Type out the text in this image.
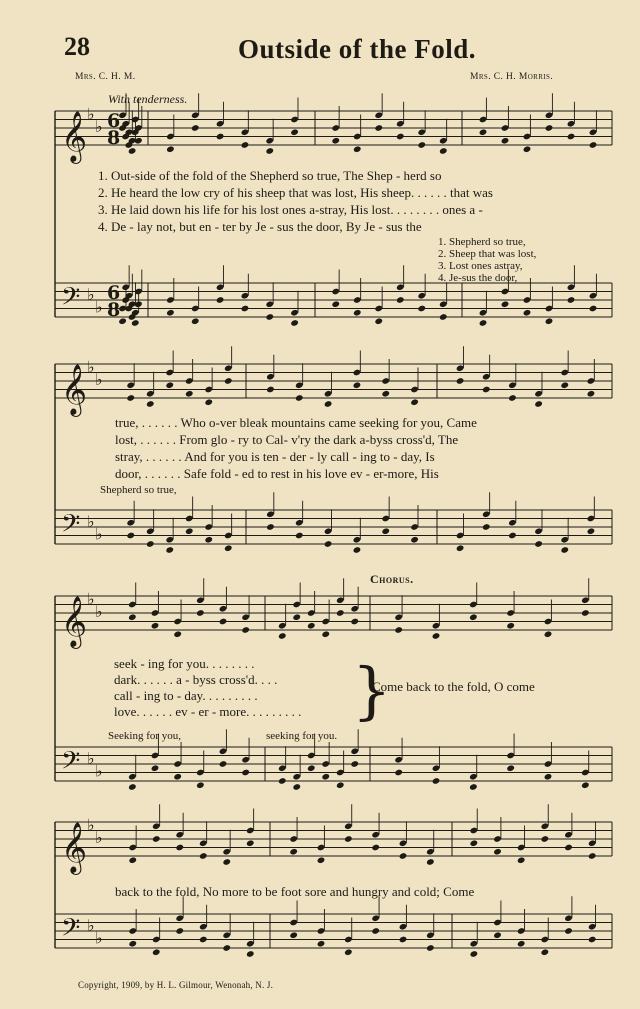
28	Outside of the Fold.
Mrs. C. H. M.	Mrs. C. H. Morris.
With tenderness.
𝄞 ♭
♭
𝄢 ♭
♭
𝄞 ♭
♭
𝄢 ♭
♭
𝄞 ♭
♭
𝄢 ♭
♭
𝄞 ♭
♭
𝄢 ♭
♭
6
8
6
8
}
1. Out-side of the fold of the Shepherd so true, The Shep - herd so
2. He heard the low cry of his sheep that was lost, His sheep. . . . . . that was
3. He laid down his life for his lost ones a-stray, His lost. . . . . . . . ones a -
4. De - lay not, but en - ter by Je - sus the door, By Je - sus the
1. Shepherd so true,
2. Sheep that was lost,
3. Lost ones astray,
4. Je-sus the door,
true, . . . . . . Who o-ver bleak mountains came seeking for you, Came
lost, . . . . . . From glo - ry to Cal- v'ry the dark a-byss cross'd, The
stray, . . . . . . And for you is ten - der - ly call - ing to - day, Is
door, . . . . . . Safe fold - ed to rest in his love ev - er-more, His
Shepherd so true,
Chorus.
seek - ing for you. . . . . . . .
dark. . . . . . a - byss cross'd. . . .
call - ing to - day. . . . . . . . .
love. . . . . . ev - er - more. . . . . . . . .
Come back to the fold, O come
Seeking for you,	seeking for you.
back to the fold, No more to be foot sore and hungry and cold; Come
Copyright, 1909, by H. L. Gilmour, Wenonah, N. J.
